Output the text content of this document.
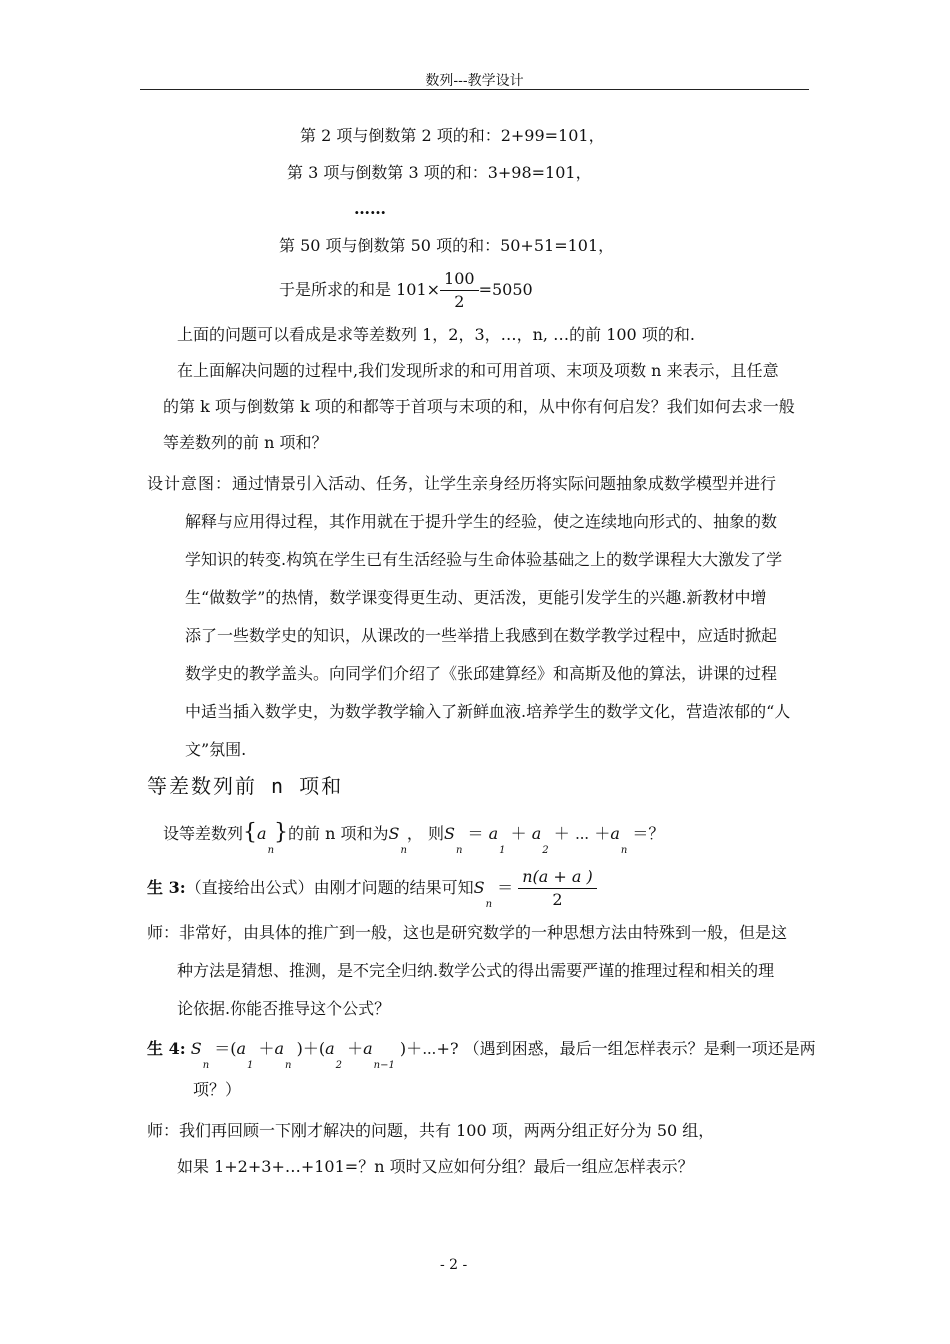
数列---教学设计
第 2 项与倒数第 2 项的和：2+99=101，
第 3 项与倒数第 3 项的和：3+98=101，
……
第 50 项与倒数第 50 项的和：50+51=101，
于是所求的和是 $101\times \frac{100}{2} =5050$
上面的问题可以看成是求等差数列 1，2，3，…，n, …的前 100 项的和.
在上面解决问题的过程中,我们发现所求的和可用首项、末项及项数 n 来表示，且任意
的第 k 项与倒数第 k 项的和都等于首项与末项的和，从中你有何启发？我们如何去求一般
等差数列的前 n 项和？
设计意图：通过情景引入活动、任务，让学生亲身经历将实际问题抽象成数学模型并进行
解释与应用得过程，其作用就在于提升学生的经验，使之连续地向形式的、抽象的数
学知识的转变.构筑在学生已有生活经验与生命体验基础之上的数学课程大大激发了学
生“做数学”的热情，数学课变得更生动、更活泼，更能引发学生的兴趣.新教材中增
添了一些数学史的知识，从课改的一些举措上我感到在数学教学过程中，应适时掀起
数学史的教学盖头。向同学们介绍了《张邱建算经》和高斯及他的算法，讲课的过程
中适当插入数学史，为数学教学输入了新鲜血液.培养学生的数学文化，营造浓郁的“人
文”氛围.
等差数列前 n 项和
设等差数列$\{a_n\}$的前 n 项和为$S_n$， 则$S_n = a_1 + a_2$ ＋ ⋯ $+a_n$ ＝？
生 3:（直接给出公式）由刚才问题的结果可知$S_n = \frac{n(a + a )}{2}$
师：非常好，由具体的推广到一般，这也是研究数学的一种思想方法由特殊到一般，但是这
种方法是猜想、推测，是不完全归纳.数学公式的得出需要严谨的推理过程和相关的理
论依据.你能否推导这个公式？
生 4: $S_n =(a_1 +a_n$ )$+(a_2 +a_{n-1}$ )＋⋯+? （遇到困惑，最后一组怎样表示？是剩一项还是两
项？）
师：我们再回顾一下刚才解决的问题，共有 100 项，两两分组正好分为 50 组，
如果 1+2+3+…+101=？n 项时又应如何分组？最后一组应怎样表示？
- 2 -
